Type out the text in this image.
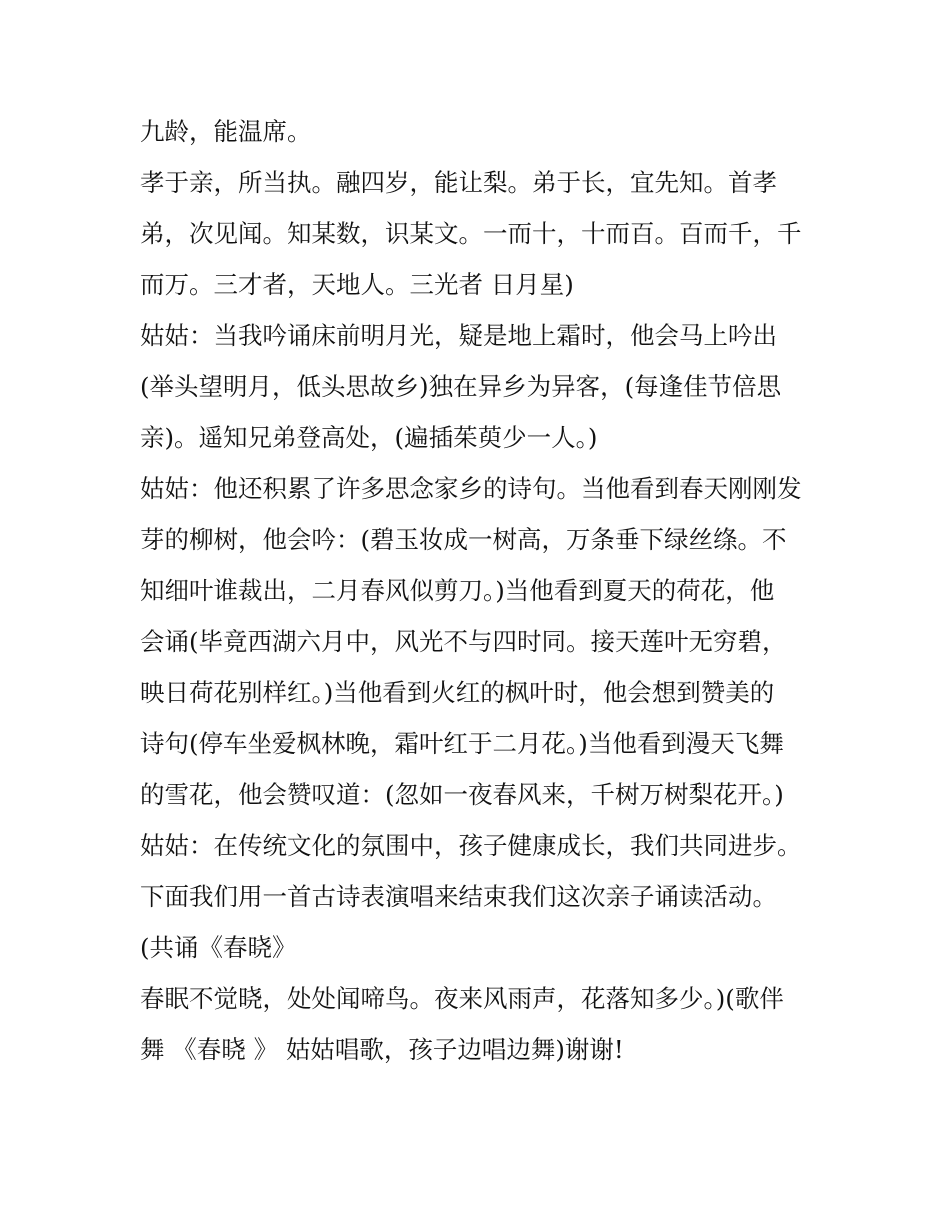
九龄，能温席。
孝于亲，所当执。融四岁，能让梨。弟于长，宜先知。首孝
弟，次见闻。知某数，识某文。一而十，十而百。百而千，千
而万。三才者，天地人。三光者 日月星)
姑姑：当我吟诵床前明月光，疑是地上霜时，他会马上吟出
(举头望明月，低头思故乡)独在异乡为异客，(每逢佳节倍思
亲)。遥知兄弟登高处，(遍插茱萸少一人。)
姑姑：他还积累了许多思念家乡的诗句。当他看到春天刚刚发
芽的柳树，他会吟：(碧玉妆成一树高，万条垂下绿丝绦。不
知细叶谁裁出，二月春风似剪刀。)当他看到夏天的荷花，他
会诵(毕竟西湖六月中，风光不与四时同。接天莲叶无穷碧，
映日荷花别样红。)当他看到火红的枫叶时，他会想到赞美的
诗句(停车坐爱枫林晚，霜叶红于二月花。)当他看到漫天飞舞
的雪花，他会赞叹道：(忽如一夜春风来，千树万树梨花开。)
姑姑：在传统文化的氛围中，孩子健康成长，我们共同进步。
下面我们用一首古诗表演唱来结束我们这次亲子诵读活动。
(共诵《春晓》
春眠不觉晓，处处闻啼鸟。夜来风雨声，花落知多少。)(歌伴
舞 《春晓 》 姑姑唱歌，孩子边唱边舞)谢谢!
